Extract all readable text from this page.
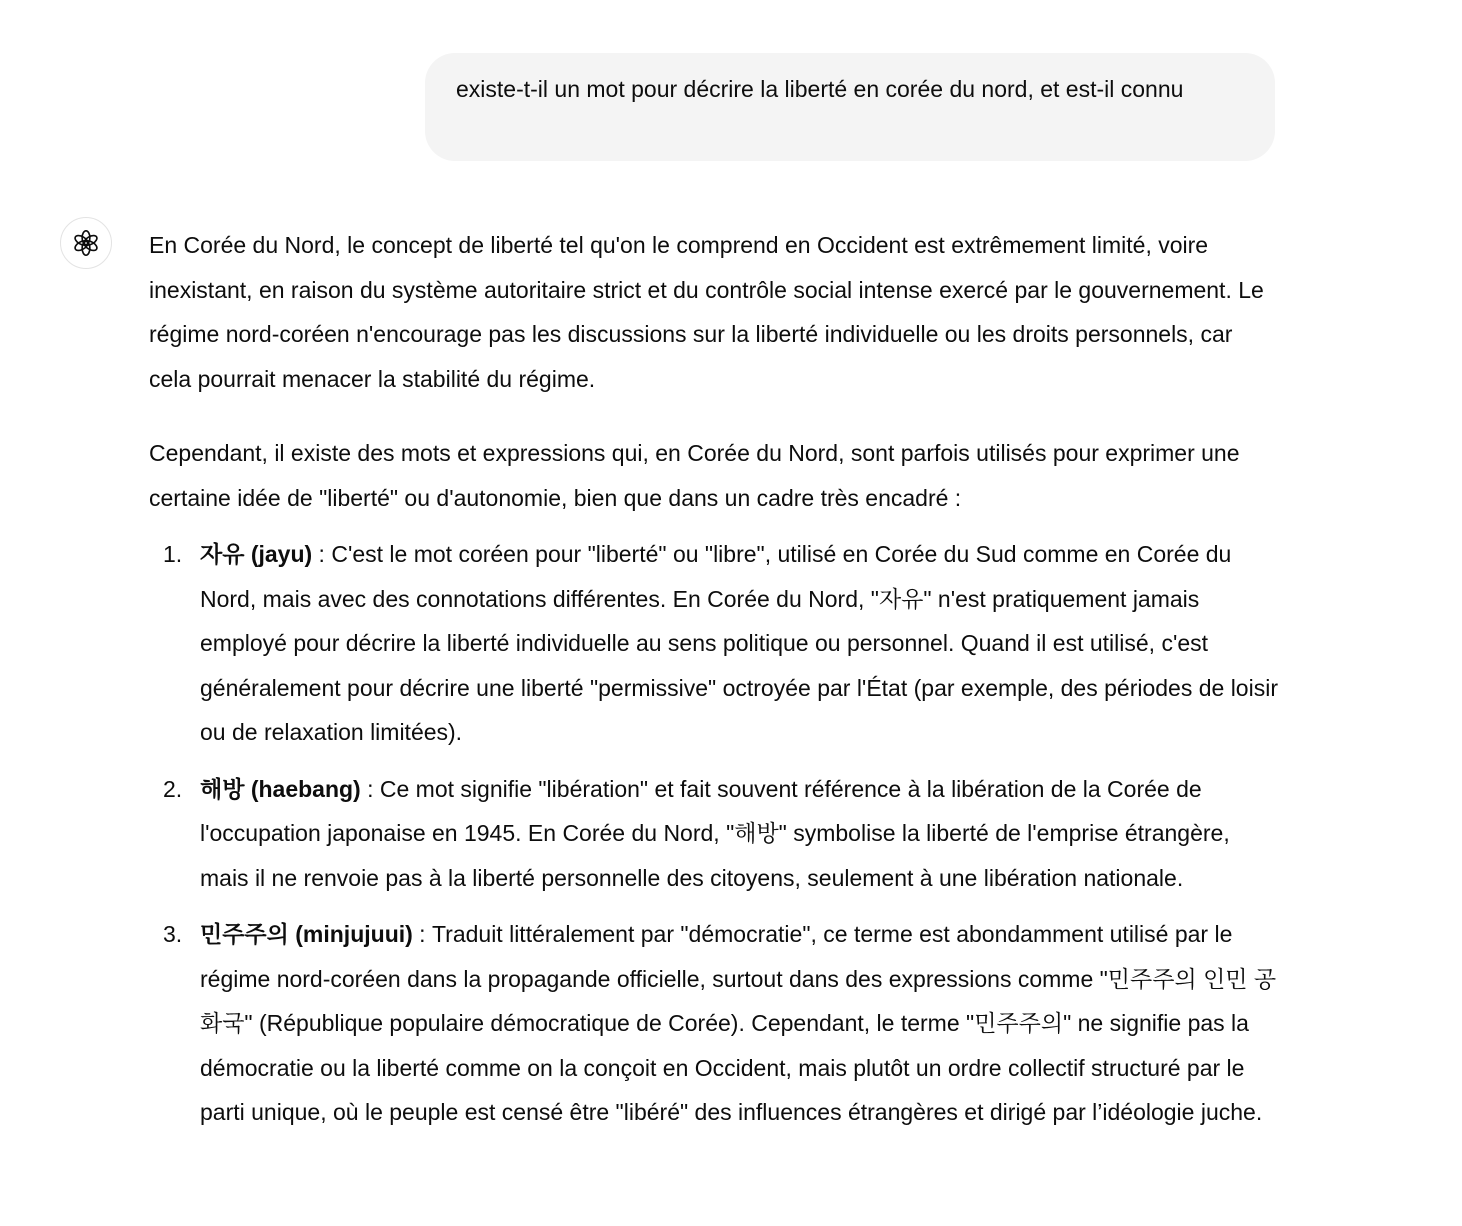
existe-t-il un mot pour décrire la liberté en corée du nord, et est-il connu

En Corée du Nord, le concept de liberté tel qu'on le comprend en Occident est extrêmement limité, voire inexistant, en raison du système autoritaire strict et du contrôle social intense exercé par le gouvernement. Le régime nord-coréen n'encourage pas les discussions sur la liberté individuelle ou les droits personnels, car cela pourrait menacer la stabilité du régime.

Cependant, il existe des mots et expressions qui, en Corée du Nord, sont parfois utilisés pour exprimer une certaine idée de "liberté" ou d'autonomie, bien que dans un cadre très encadré :

1. 자유 (jayu) : C'est le mot coréen pour "liberté" ou "libre", utilisé en Corée du Sud comme en Corée du Nord, mais avec des connotations différentes. En Corée du Nord, "자유" n'est pratiquement jamais employé pour décrire la liberté individuelle au sens politique ou personnel. Quand il est utilisé, c'est généralement pour décrire une liberté "permissive" octroyée par l'État (par exemple, des périodes de loisir ou de relaxation limitées).
2. 해방 (haebang) : Ce mot signifie "libération" et fait souvent référence à la libération de la Corée de l'occupation japonaise en 1945. En Corée du Nord, "해방" symbolise la liberté de l'emprise étrangère, mais il ne renvoie pas à la liberté personnelle des citoyens, seulement à une libération nationale.
3. 민주주의 (minjujuui) : Traduit littéralement par "démocratie", ce terme est abondamment utilisé par le régime nord-coréen dans la propagande officielle, surtout dans des expressions comme "민주주의 인민 공화국" (République populaire démocratique de Corée). Cependant, le terme "민주주의" ne signifie pas la démocratie ou la liberté comme on la conçoit en Occident, mais plutôt un ordre collectif structuré par le parti unique, où le peuple est censé être "libéré" des influences étrangères et dirigé par l’idéologie juche.
